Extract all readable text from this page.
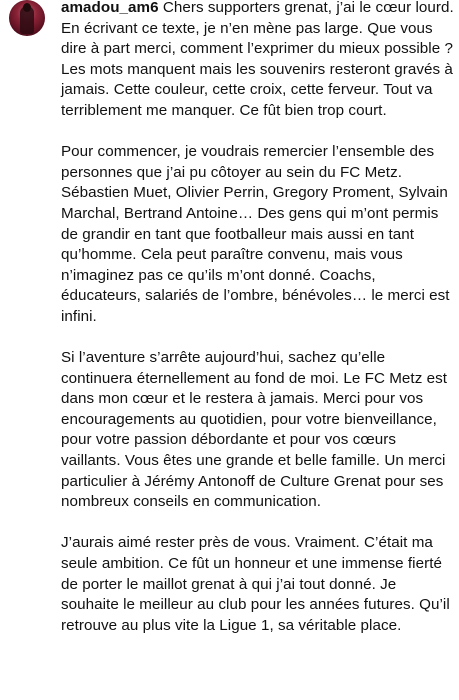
amadou_am6 Chers supporters grenat, j’ai le cœur lourd.

En écrivant ce texte, je n’en mène pas large. Que vous dire à part merci, comment l’exprimer du mieux possible ? Les mots manquent mais les souvenirs resteront gravés à jamais. Cette couleur, cette croix, cette ferveur. Tout va terriblement me manquer. Ce fût bien trop court.

Pour commencer, je voudrais remercier l’ensemble des personnes que j’ai pu côtoyer au sein du FC Metz. Sébastien Muet, Olivier Perrin, Gregory Proment, Sylvain Marchal, Bertrand Antoine… Des gens qui m’ont permis de grandir en tant que footballeur mais aussi en tant qu’homme. Cela peut paraître convenu, mais vous n’imaginez pas ce qu’ils m’ont donné. Coachs, éducateurs, salariés de l’ombre, bénévoles… le merci est infini.

Si l’aventure s’arrête aujourd’hui, sachez qu’elle continuera éternellement au fond de moi. Le FC Metz est dans mon cœur et le restera à jamais. Merci pour vos encouragements au quotidien, pour votre bienveillance, pour votre passion débordante et pour vos cœurs vaillants. Vous êtes une grande et belle famille. Un merci particulier à Jérémy Antonoff de Culture Grenat pour ses nombreux conseils en communication.

J’aurais aimé rester près de vous. Vraiment. C’était ma seule ambition. Ce fût un honneur et une immense fierté de porter le maillot grenat à qui j’ai tout donné. Je souhaite le meilleur au club pour les années futures. Qu’il retrouve au plus vite la Ligue 1, sa véritable place.
